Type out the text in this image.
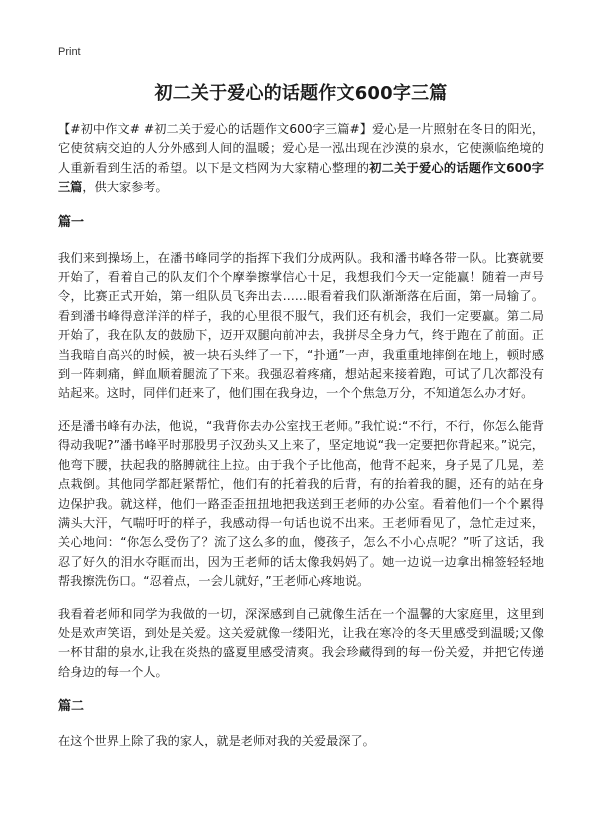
Print
初二关于爱心的话题作文600字三篇

【#初中作文# #初二关于爱心的话题作文600字三篇#】爱心是一片照射在冬日的阳光，它使贫病交迫的人分外感到人间的温暖；爱心是一泓出现在沙漠的泉水，它使濒临绝境的人重新看到生活的希望。以下是文档网为大家精心整理的初二关于爱心的话题作文600字三篇，供大家参考。

篇一

我们来到操场上，在潘书峰同学的指挥下我们分成两队。我和潘书峰各带一队。比赛就要开始了，看着自己的队友们个个摩拳擦掌信心十足，我想我们今天一定能赢！随着一声号令，比赛正式开始，第一组队员飞奔出去……眼看着我们队渐渐落在后面，第一局输了。看到潘书峰得意洋洋的样子，我的心里很不服气，我们还有机会，我们一定要赢。第二局开始了，我在队友的鼓励下，迈开双腿向前冲去，我拼尽全身力气，终于跑在了前面。正当我暗自高兴的时候，被一块石头绊了一下，“扑通”一声，我重重地摔倒在地上，顿时感到一阵刺痛，鲜血顺着腿流了下来。我强忍着疼痛，想站起来接着跑，可试了几次都没有站起来。这时，同伴们赶来了，他们围在我身边，一个个焦急万分，不知道怎么办才好。

还是潘书峰有办法，他说，“我背你去办公室找王老师。”我忙说:“不行，不行，你怎么能背得动我呢?”潘书峰平时那股男子汉劲头又上来了，坚定地说“我一定要把你背起来。”说完，他弯下腰，扶起我的胳膊就往上拉。由于我个子比他高，他背不起来，身子晃了几晃，差点栽倒。其他同学都赶紧帮忙，他们有的托着我的后背，有的抬着我的腿，还有的站在身边保护我。就这样，他们一路歪歪扭扭地把我送到王老师的办公室。看着他们一个个累得满头大汗，气喘吁吁的样子，我感动得一句话也说不出来。王老师看见了，急忙走过来，关心地问：“你怎么受伤了？流了这么多的血，傻孩子，怎么不小心点呢？”听了这话，我忍了好久的泪水夺眶而出，因为王老师的话太像我妈妈了。她一边说一边拿出棉签轻轻地帮我擦洗伤口。“忍着点，一会儿就好，”王老师心疼地说。

我看着老师和同学为我做的一切，深深感到自己就像生活在一个温馨的大家庭里，这里到处是欢声笑语，到处是关爱。这关爱就像一缕阳光，让我在寒冷的冬天里感受到温暖;又像一杯甘甜的泉水,让我在炎热的盛夏里感受清爽。我会珍藏得到的每一份关爱，并把它传递给身边的每一个人。

篇二

在这个世界上除了我的家人，就是老师对我的关爱最深了。
